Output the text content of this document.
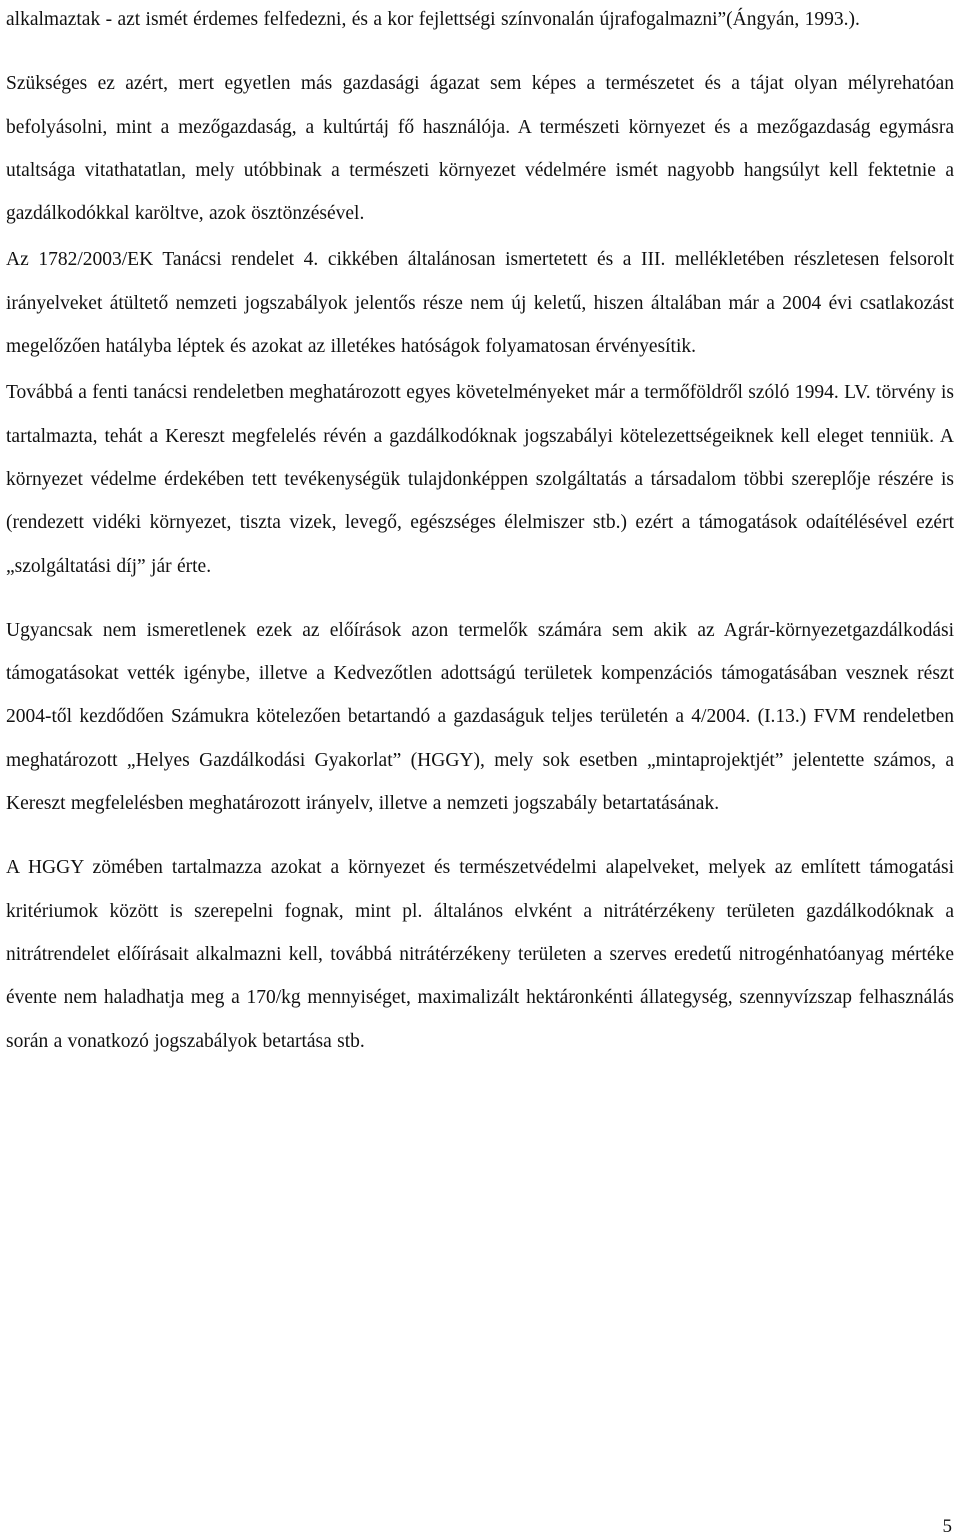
alkalmaztak - azt ismét érdemes felfedezni, és a kor fejlettségi színvonalán újrafogalmazni”(Ángyán, 1993.).

Szükséges ez azért, mert egyetlen más gazdasági ágazat sem képes a természetet és a tájat olyan mélyrehatóan befolyásolni, mint a mezőgazdaság, a kultúrtáj fő használója. A természeti környezet és a mezőgazdaság egymásra utaltsága vitathatatlan, mely utóbbinak a természeti környezet védelmére ismét nagyobb hangsúlyt kell fektetnie a gazdálkodókkal karöltve, azok ösztönzésével.

Az 1782/2003/EK Tanácsi rendelet 4. cikkében általánosan ismertetett és a III. mellékletében részletesen felsorolt irányelveket átültető nemzeti jogszabályok jelentős része nem új keletű, hiszen általában már a 2004 évi csatlakozást megelőzően hatályba léptek és azokat az illetékes hatóságok folyamatosan érvényesítik.

Továbbá a fenti tanácsi rendeletben meghatározott egyes követelményeket már a termőföldről szóló 1994. LV. törvény is tartalmazta, tehát a Kereszt megfelelés révén a gazdálkodóknak jogszabályi kötelezettségeiknek kell eleget tenniük. A környezet védelme érdekében tett tevékenységük tulajdonképpen szolgáltatás a társadalom többi szereplője részére is (rendezett vidéki környezet, tiszta vizek, levegő, egészséges élelmiszer stb.) ezért a támogatások odaítélésével ezért „szolgáltatási díj” jár érte.

Ugyancsak nem ismeretlenek ezek az előírások azon termelők számára sem akik az Agrár-környezetgazdálkodási támogatásokat vették igénybe, illetve a Kedvezőtlen adottságú területek kompenzációs támogatásában vesznek részt 2004-től kezdődően Számukra kötelezően betartandó a gazdaságuk teljes területén a 4/2004. (I.13.) FVM rendeletben meghatározott „Helyes Gazdálkodási Gyakorlat” (HGGY), mely sok esetben „mintaprojektjét” jelentette számos, a Kereszt megfelelésben meghatározott irányelv, illetve a nemzeti jogszabály betartatásának.

A HGGY zömében tartalmazza azokat a környezet és természetvédelmi alapelveket, melyek az említett támogatási kritériumok között is szerepelni fognak, mint pl. általános elvként a nitrátérzékeny területen gazdálkodóknak a nitrátrendelet előírásait alkalmazni kell, továbbá nitrátérzékeny területen a szerves eredetű nitrogénhatóanyag mértéke évente nem haladhatja meg a 170/kg mennyiséget, maximalizált hektáronkénti állategység, szennyvízszap felhasználás során a vonatkozó jogszabályok betartása stb.

5
